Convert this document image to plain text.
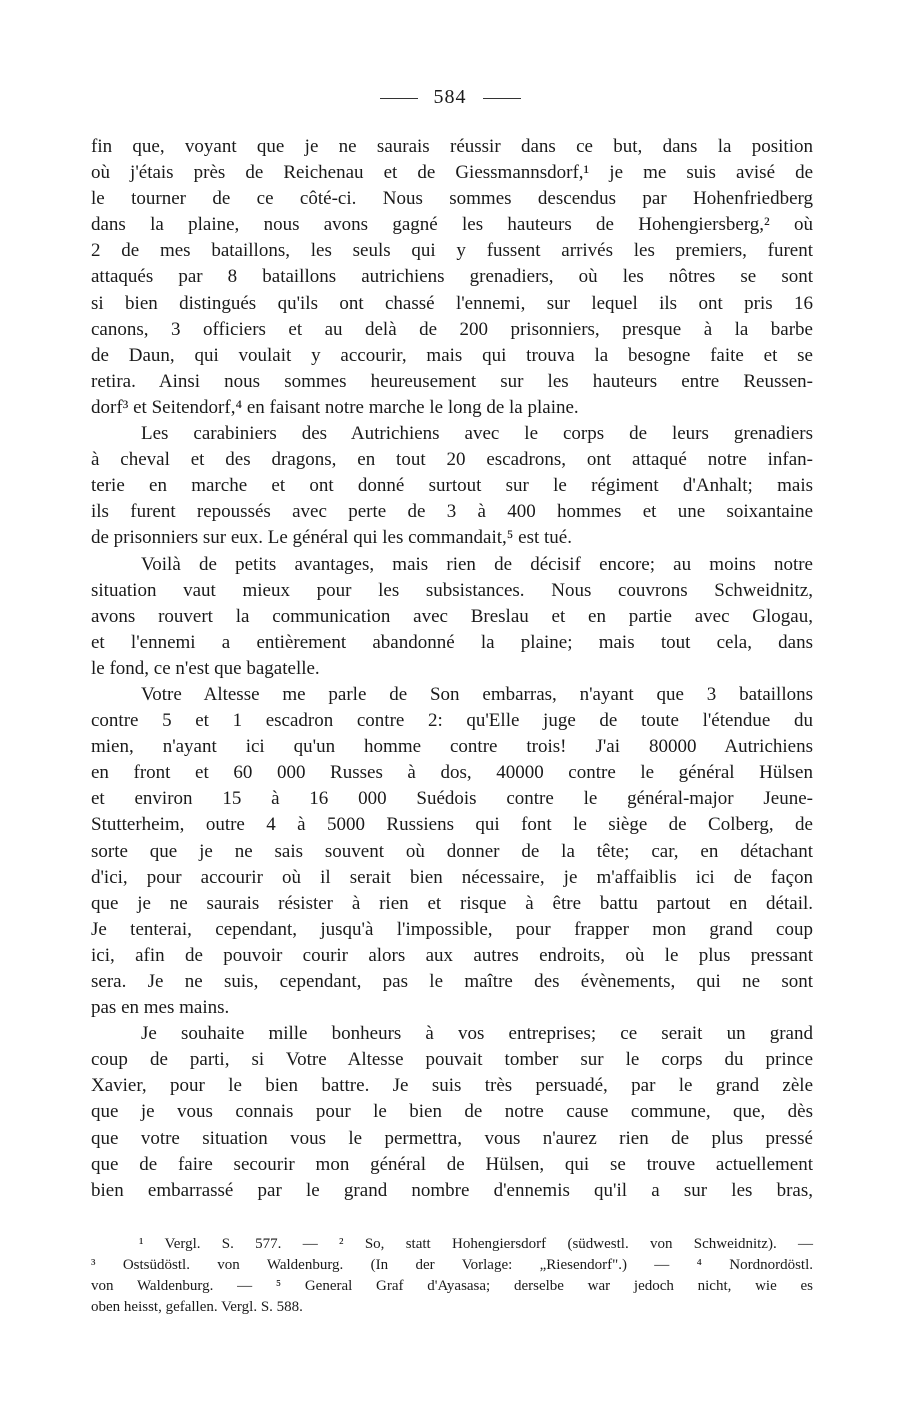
584
fin que, voyant que je ne saurais réussir dans ce but, dans la position
où j'étais près de Reichenau et de Giessmannsdorf,¹ je me suis avisé de
le tourner de ce côté-ci. Nous sommes descendus par Hohenfriedberg
dans la plaine, nous avons gagné les hauteurs de Hohengiersberg,² où
2 de mes bataillons, les seuls qui y fussent arrivés les premiers, furent
attaqués par 8 bataillons autrichiens grenadiers, où les nôtres se sont
si bien distingués qu'ils ont chassé l'ennemi, sur lequel ils ont pris 16
canons, 3 officiers et au delà de 200 prisonniers, presque à la barbe
de Daun, qui voulait y accourir, mais qui trouva la besogne faite et se
retira. Ainsi nous sommes heureusement sur les hauteurs entre Reussen-
dorf³ et Seitendorf,⁴ en faisant notre marche le long de la plaine.
Les carabiniers des Autrichiens avec le corps de leurs grenadiers
à cheval et des dragons, en tout 20 escadrons, ont attaqué notre infan-
terie en marche et ont donné surtout sur le régiment d'Anhalt; mais
ils furent repoussés avec perte de 3 à 400 hommes et une soixantaine
de prisonniers sur eux. Le général qui les commandait,⁵ est tué.
Voilà de petits avantages, mais rien de décisif encore; au moins notre
situation vaut mieux pour les subsistances. Nous couvrons Schweidnitz,
avons rouvert la communication avec Breslau et en partie avec Glogau,
et l'ennemi a entièrement abandonné la plaine; mais tout cela, dans
le fond, ce n'est que bagatelle.
Votre Altesse me parle de Son embarras, n'ayant que 3 bataillons
contre 5 et 1 escadron contre 2: qu'Elle juge de toute l'étendue du
mien, n'ayant ici qu'un homme contre trois! J'ai 80000 Autrichiens
en front et 60 000 Russes à dos, 40000 contre le général Hülsen
et environ 15 à 16 000 Suédois contre le général-major Jeune-
Stutterheim, outre 4 à 5000 Russiens qui font le siège de Colberg, de
sorte que je ne sais souvent où donner de la tête; car, en détachant
d'ici, pour accourir où il serait bien nécessaire, je m'affaiblis ici de façon
que je ne saurais résister à rien et risque à être battu partout en détail.
Je tenterai, cependant, jusqu'à l'impossible, pour frapper mon grand coup
ici, afin de pouvoir courir alors aux autres endroits, où le plus pressant
sera. Je ne suis, cependant, pas le maître des évènements, qui ne sont
pas en mes mains.
Je souhaite mille bonheurs à vos entreprises; ce serait un grand
coup de parti, si Votre Altesse pouvait tomber sur le corps du prince
Xavier, pour le bien battre. Je suis très persuadé, par le grand zèle
que je vous connais pour le bien de notre cause commune, que, dès
que votre situation vous le permettra, vous n'aurez rien de plus pressé
que de faire secourir mon général de Hülsen, qui se trouve actuellement
bien embarrassé par le grand nombre d'ennemis qu'il a sur les bras,
¹ Vergl. S. 577. — ² So, statt Hohengiersdorf (südwestl. von Schweidnitz). —
³ Ostsüdöstl. von Waldenburg. (In der Vorlage: „Riesendorf".) — ⁴ Nordnordöstl.
von Waldenburg. — ⁵ General Graf d'Ayasasa; derselbe war jedoch nicht, wie es
oben heisst, gefallen. Vergl. S. 588.
